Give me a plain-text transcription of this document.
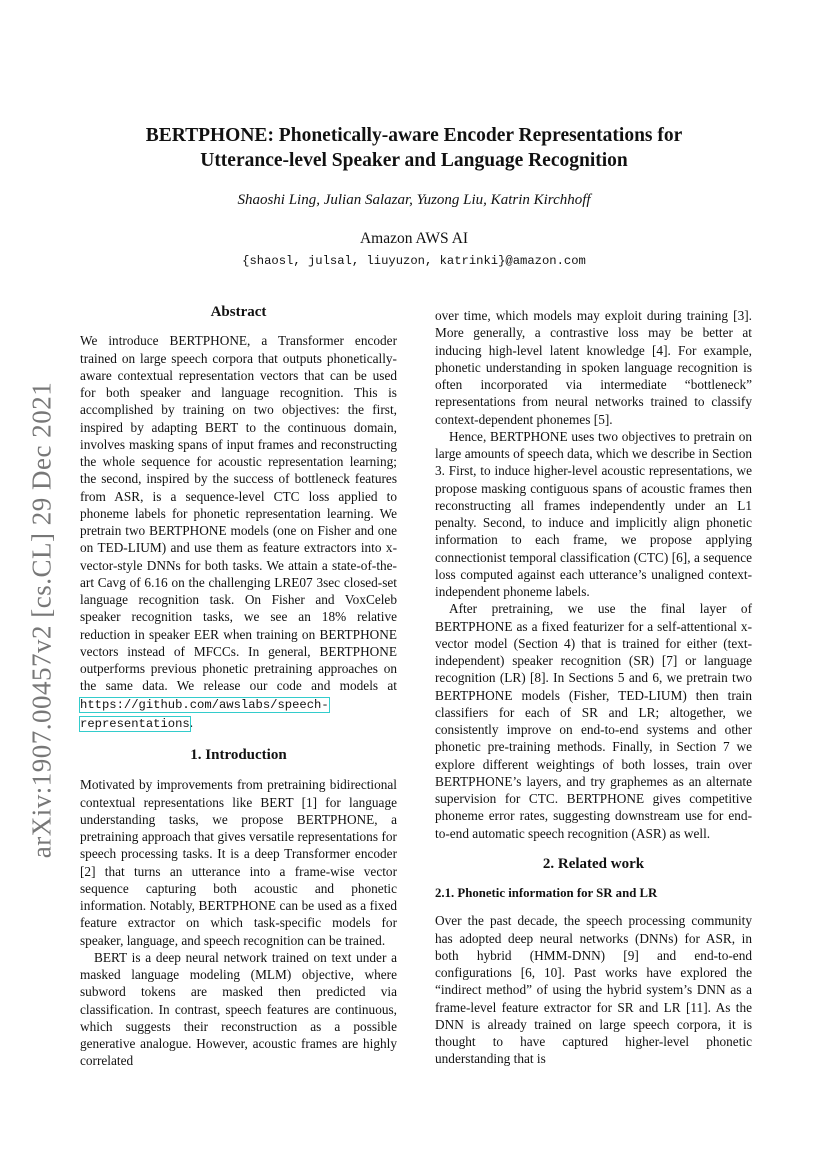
arXiv:1907.00457v2 [cs.CL] 29 Dec 2021
BERTPHONE: Phonetically-aware Encoder Representations for
Utterance-level Speaker and Language Recognition
Shaoshi Ling, Julian Salazar, Yuzong Liu, Katrin Kirchhoff
Amazon AWS AI
{shaosl, julsal, liuyuzon, katrinki}@amazon.com
Abstract

We introduce BERTPHONE, a Transformer encoder trained on large speech corpora that outputs phonetically-aware contextual representation vectors that can be used for both speaker and language recognition. This is accomplished by training on two objectives: the first, inspired by adapting BERT to the continuous domain, involves masking spans of input frames and reconstructing the whole sequence for acoustic representation learning; the second, inspired by the success of bottleneck features from ASR, is a sequence-level CTC loss applied to phoneme labels for phonetic representation learning. We pretrain two BERTPHONE models (one on Fisher and one on TED-LIUM) and use them as feature extractors into x-vector-style DNNs for both tasks. We attain a state-of-the-art Cavg of 6.16 on the challenging LRE07 3sec closed-set language recognition task. On Fisher and VoxCeleb speaker recognition tasks, we see an 18% relative reduction in speaker EER when training on BERTPHONE vectors instead of MFCCs. In general, BERTPHONE outperforms previous phonetic pretraining approaches on the same data. We release our code and models at https://github.com/awslabs/speech-representations.

1. Introduction

Motivated by improvements from pretraining bidirectional contextual representations like BERT [1] for language understanding tasks, we propose BERTPHONE, a pretraining approach that gives versatile representations for speech processing tasks. It is a deep Transformer encoder [2] that turns an utterance into a frame-wise vector sequence capturing both acoustic and phonetic information. Notably, BERTPHONE can be used as a fixed feature extractor on which task-specific models for speaker, language, and speech recognition can be trained.

BERT is a deep neural network trained on text under a masked language modeling (MLM) objective, where subword tokens are masked then predicted via classification. In contrast, speech features are continuous, which suggests their reconstruction as a possible generative analogue. However, acoustic frames are highly correlated

over time, which models may exploit during training [3]. More generally, a contrastive loss may be better at inducing high-level latent knowledge [4]. For example, phonetic understanding in spoken language recognition is often incorporated via intermediate “bottleneck” representations from neural networks trained to classify context-dependent phonemes [5].

Hence, BERTPHONE uses two objectives to pretrain on large amounts of speech data, which we describe in Section 3. First, to induce higher-level acoustic representations, we propose masking contiguous spans of acoustic frames then reconstructing all frames independently under an L1 penalty. Second, to induce and implicitly align phonetic information to each frame, we propose applying connectionist temporal classification (CTC) [6], a sequence loss computed against each utterance’s unaligned context-independent phoneme labels.

After pretraining, we use the final layer of BERTPHONE as a fixed featurizer for a self-attentional x-vector model (Section 4) that is trained for either (text-independent) speaker recognition (SR) [7] or language recognition (LR) [8]. In Sections 5 and 6, we pretrain two BERTPHONE models (Fisher, TED-LIUM) then train classifiers for each of SR and LR; altogether, we consistently improve on end-to-end systems and other phonetic pre-training methods. Finally, in Section 7 we explore different weightings of both losses, train over BERTPHONE’s layers, and try graphemes as an alternate supervision for CTC. BERTPHONE gives competitive phoneme error rates, suggesting downstream use for end-to-end automatic speech recognition (ASR) as well.

2. Related work
2.1. Phonetic information for SR and LR

Over the past decade, the speech processing community has adopted deep neural networks (DNNs) for ASR, in both hybrid (HMM-DNN) [9] and end-to-end configurations [6, 10]. Past works have explored the “indirect method” of using the hybrid system’s DNN as a frame-level feature extractor for SR and LR [11]. As the DNN is already trained on large speech corpora, it is thought to have captured higher-level phonetic understanding that is
